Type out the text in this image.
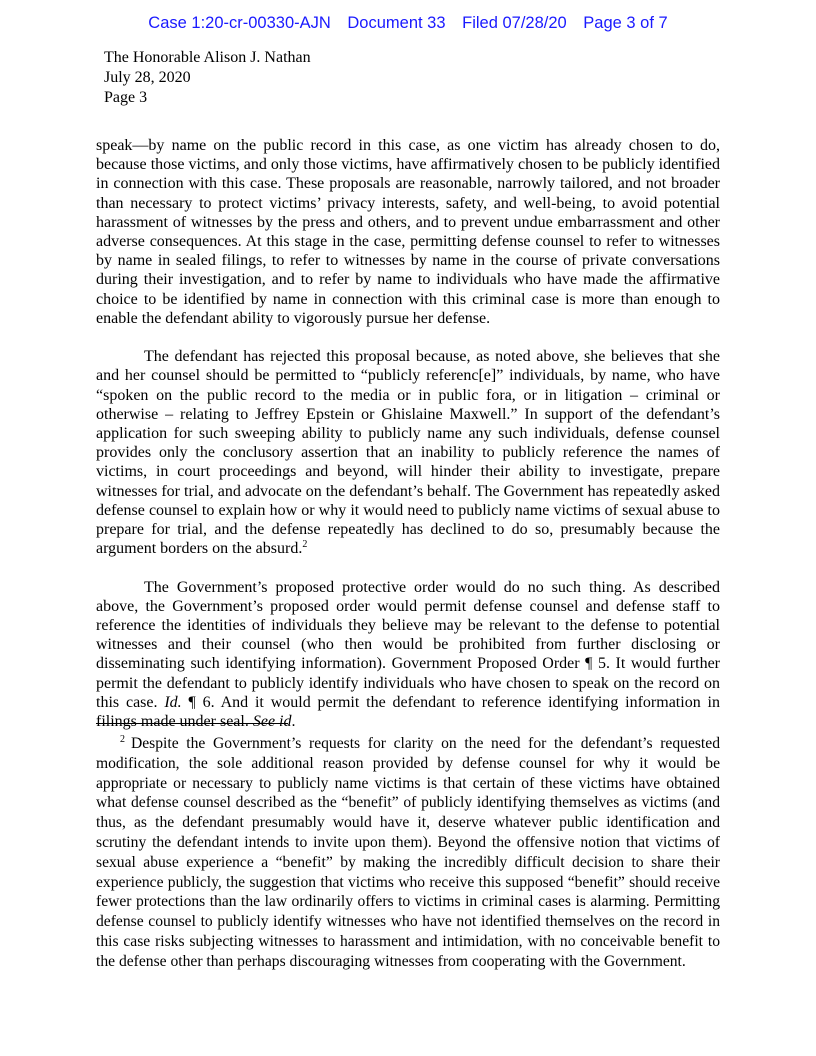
Case 1:20-cr-00330-AJN Document 33 Filed 07/28/20 Page 3 of 7
The Honorable Alison J. Nathan
July 28, 2020
Page 3

speak—by name on the public record in this case, as one victim has already chosen to do, because those victims, and only those victims, have affirmatively chosen to be publicly identified in connection with this case. These proposals are reasonable, narrowly tailored, and not broader than necessary to protect victims’ privacy interests, safety, and well-being, to avoid potential harassment of witnesses by the press and others, and to prevent undue embarrassment and other adverse consequences. At this stage in the case, permitting defense counsel to refer to witnesses by name in sealed filings, to refer to witnesses by name in the course of private conversations during their investigation, and to refer by name to individuals who have made the affirmative choice to be identified by name in connection with this criminal case is more than enough to enable the defendant ability to vigorously pursue her defense.

The defendant has rejected this proposal because, as noted above, she believes that she and her counsel should be permitted to “publicly referenc[e]” individuals, by name, who have “spoken on the public record to the media or in public fora, or in litigation – criminal or otherwise – relating to Jeffrey Epstein or Ghislaine Maxwell.” In support of the defendant’s application for such sweeping ability to publicly name any such individuals, defense counsel provides only the conclusory assertion that an inability to publicly reference the names of victims, in court proceedings and beyond, will hinder their ability to investigate, prepare witnesses for trial, and advocate on the defendant’s behalf. The Government has repeatedly asked defense counsel to explain how or why it would need to publicly name victims of sexual abuse to prepare for trial, and the defense repeatedly has declined to do so, presumably because the argument borders on the absurd.$^2$

The Government’s proposed protective order would do no such thing. As described above, the Government’s proposed order would permit defense counsel and defense staff to reference the identities of individuals they believe may be relevant to the defense to potential witnesses and their counsel (who then would be prohibited from further disclosing or disseminating such identifying information). Government Proposed Order ¶ 5. It would further permit the defendant to publicly identify individuals who have chosen to speak on the record on this case. Id. ¶ 6. And it would permit the defendant to reference identifying information in filings made under seal. See id.

$^2$ Despite the Government’s requests for clarity on the need for the defendant’s requested modification, the sole additional reason provided by defense counsel for why it would be appropriate or necessary to publicly name victims is that certain of these victims have obtained what defense counsel described as the “benefit” of publicly identifying themselves as victims (and thus, as the defendant presumably would have it, deserve whatever public identification and scrutiny the defendant intends to invite upon them). Beyond the offensive notion that victims of sexual abuse experience a “benefit” by making the incredibly difficult decision to share their experience publicly, the suggestion that victims who receive this supposed “benefit” should receive fewer protections than the law ordinarily offers to victims in criminal cases is alarming. Permitting defense counsel to publicly identify witnesses who have not identified themselves on the record in this case risks subjecting witnesses to harassment and intimidation, with no conceivable benefit to the defense other than perhaps discouraging witnesses from cooperating with the Government.
